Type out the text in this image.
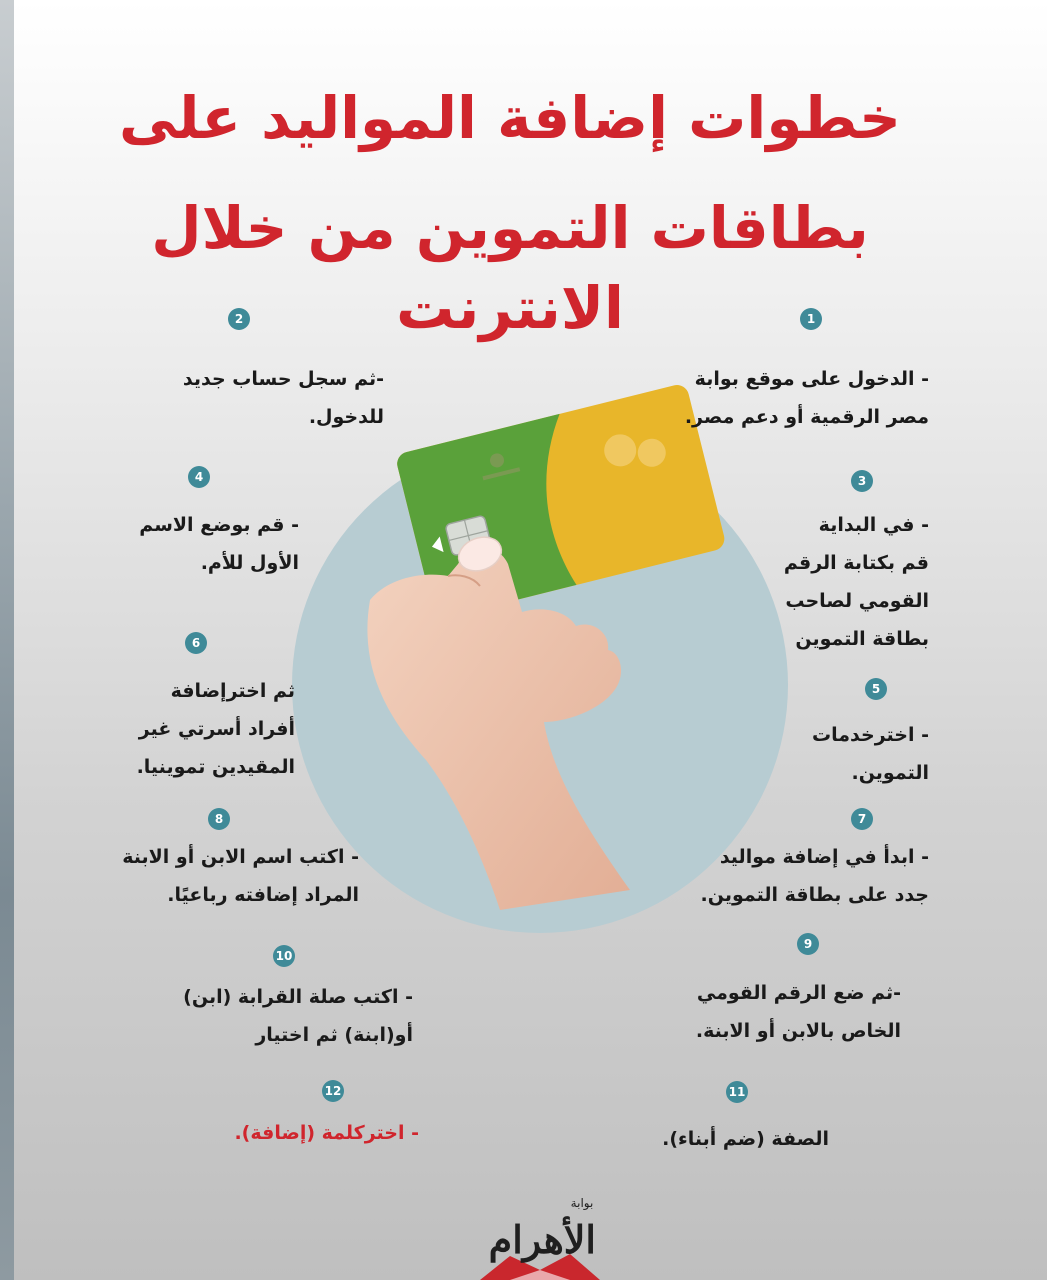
خطوات إضافة المواليد على
بطاقات التموين من خلال الانترنت	1
- الدخول على موقع بوابة
مصر الرقمية أو دعم مصر.
2
-ثم سجل حساب جديد
للدخول.
3
- في البداية
قم بكتابة الرقم
القومي لصاحب
بطاقة التموين
4
- قم بوضع الاسم
الأول للأم.
5
- اخترخدمات
التموين.
6
ثم اخترإضافة
أفراد أسرتي غير
المقيدين تموينيا.
7
- ابدأ في إضافة مواليد
جدد على بطاقة التموين.
8
- اكتب اسم الابن أو الابنة
المراد إضافته رباعيًا.
9
-ثم ضع الرقم القومي
الخاص بالابن أو الابنة.
10
- اكتب صلة القرابة (ابن)
أو(ابنة) ثم اختيار
11
الصفة (ضم أبناء).
12
- اختركلمة (إضافة).
بوابة
الأهرام
